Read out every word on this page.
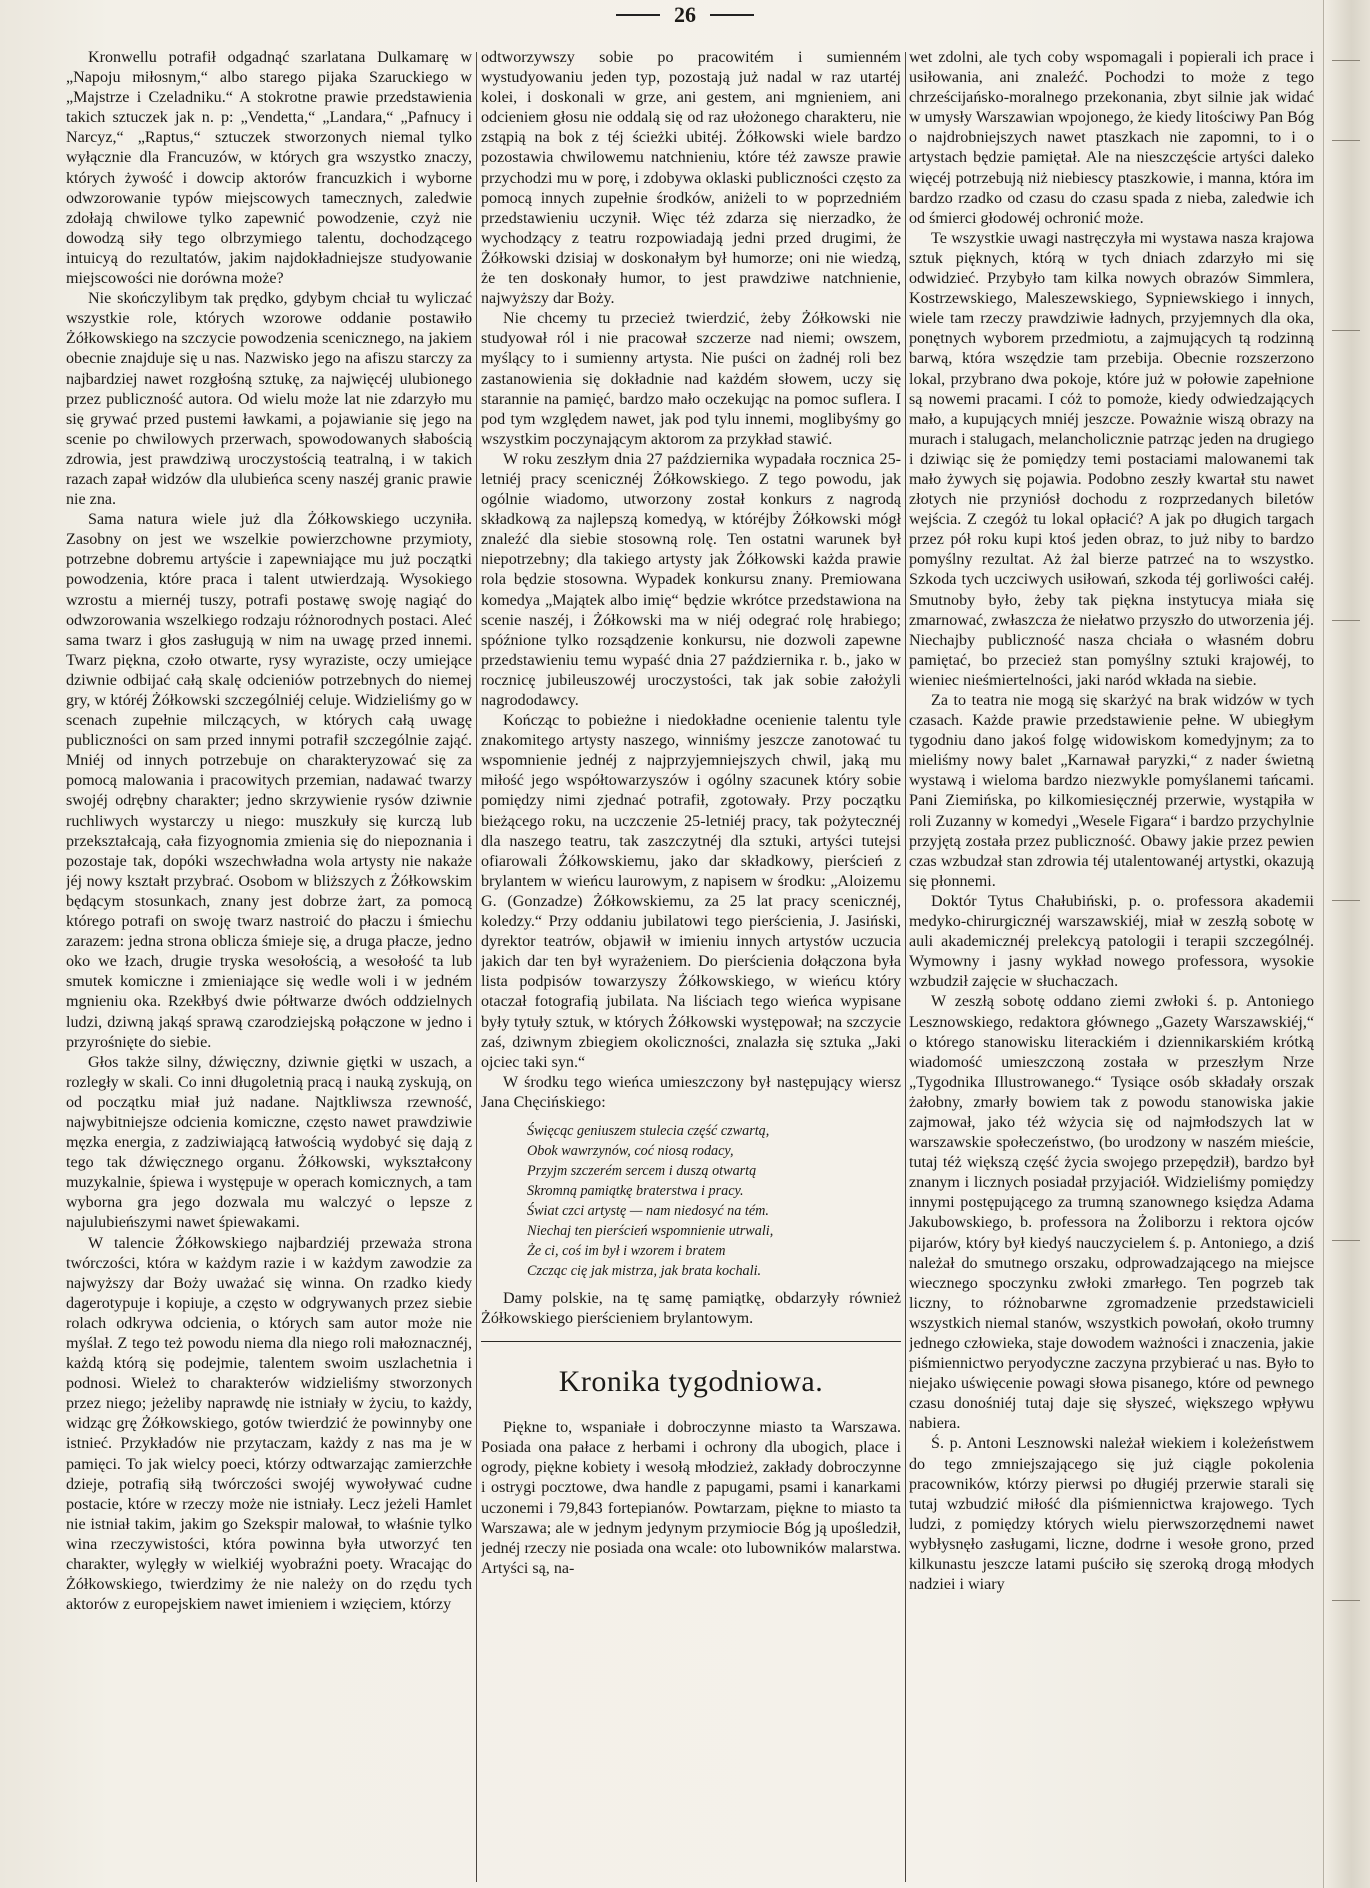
26

Kronwellu potrafił odgadnąć szarlatana Dulkamarę w „Napoju miłosnym,“ albo starego pijaka Szaruckiego w „Majstrze i Czeladniku.“ A stokrotne prawie przedstawienia takich sztuczek jak n. p: „Vendetta,“ „Landara,“ „Pafnucy i Narcyz,“ „Raptus,“ sztuczek stworzonych niemal tylko wyłącznie dla Francuzów, w których gra wszystko znaczy, których żywość i dowcip aktorów francuzkich i wyborne odwzorowanie typów miejscowych tamecznych, zaledwie zdołają chwilowe tylko zapewnić powodzenie, czyż nie dowodzą siły tego olbrzymiego talentu, dochodzącego intuicyą do rezultatów, jakim najdokładniejsze studyowanie miejscowości nie dorówna może?

Nie skończylibym tak prędko, gdybym chciał tu wyliczać wszystkie role, których wzorowe oddanie postawiło Żółkowskiego na szczycie powodzenia scenicznego, na jakiem obecnie znajduje się u nas. Nazwisko jego na afiszu starczy za najbardziej nawet rozgłośną sztukę, za najwięcéj ulubionego przez publiczność autora. Od wielu może lat nie zdarzyło mu się grywać przed pustemi ławkami, a pojawianie się jego na scenie po chwilowych przerwach, spowodowanych słabością zdrowia, jest prawdziwą uroczystością teatralną, i w takich razach zapał widzów dla ulubieńca sceny naszéj granic prawie nie zna.

Sama natura wiele już dla Żółkowskiego uczyniła. Zasobny on jest we wszelkie powierzchowne przymioty, potrzebne dobremu artyście i zapewniające mu już początki powodzenia, które praca i talent utwierdzają. Wysokiego wzrostu a miernéj tuszy, potrafi postawę swoję nagiąć do odwzorowania wszelkiego rodzaju różnorodnych postaci. Aleć sama twarz i głos zasługują w nim na uwagę przed innemi. Twarz piękna, czoło otwarte, rysy wyraziste, oczy umiejące dziwnie odbijać całą skalę odcieniów potrzebnych do niemej gry, w któréj Żółkowski szczególniéj celuje. Widzieliśmy go w scenach zupełnie milczących, w których całą uwagę publiczności on sam przed innymi potrafił szczególnie zająć. Mniéj od innych potrzebuje on charakteryzować się za pomocą malowania i pracowitych przemian, nadawać twarzy swojéj odrębny charakter; jedno skrzywienie rysów dziwnie ruchliwych wystarczy u niego: muszkuły się kurczą lub przekształcają, cała fizyognomia zmienia się do niepoznania i pozostaje tak, dopóki wszechwładna wola artysty nie nakaże jéj nowy kształt przybrać. Osobom w bliższych z Żółkowskim będącym stosunkach, znany jest dobrze żart, za pomocą którego potrafi on swoję twarz nastroić do płaczu i śmiechu zarazem: jedna strona oblicza śmieje się, a druga płacze, jedno oko we łzach, drugie tryska wesołością, a wesołość ta lub smutek komiczne i zmieniające się wedle woli i w jedném mgnieniu oka. Rzekłbyś dwie półtwarze dwóch oddzielnych ludzi, dziwną jakąś sprawą czarodziejską połączone w jedno i przyrośnięte do siebie.

Głos także silny, dźwięczny, dziwnie giętki w uszach, a rozległy w skali. Co inni długoletnią pracą i nauką zyskują, on od początku miał już nadane. Najtkliwsza rzewność, najwybitniejsze odcienia komiczne, często nawet prawdziwie męzka energia, z zadziwiającą łatwością wydobyć się dają z tego tak dźwięcznego organu. Żółkowski, wykształcony muzykalnie, śpiewa i występuje w operach komicznych, a tam wyborna gra jego dozwala mu walczyć o lepsze z najulubieńszymi nawet śpiewakami.

W talencie Żółkowskiego najbardziéj przeważa strona twórczości, która w każdym razie i w każdym zawodzie za najwyższy dar Boży uważać się winna. On rzadko kiedy dagerotypuje i kopiuje, a często w odgrywanych przez siebie rolach odkrywa odcienia, o których sam autor może nie myślał. Z tego też powodu niema dla niego roli małoznacznéj, każdą którą się podejmie, talentem swoim uszlachetnia i podnosi. Wieleż to charakterów widzieliśmy stworzonych przez niego; jeżeliby naprawdę nie istniały w życiu, to każdy, widząc grę Żółkowskiego, gotów twierdzić że powinnyby one istnieć. Przykładów nie przytaczam, każdy z nas ma je w pamięci. To jak wielcy poeci, którzy odtwarzając zamierzchłe dzieje, potrafią siłą twórczości swojéj wywoływać cudne postacie, które w rzeczy może nie istniały. Lecz jeżeli Hamlet nie istniał takim, jakim go Szekspir malował, to właśnie tylko wina rzeczywistości, która powinna była utworzyć ten charakter, wylęgły w wielkiéj wyobraźni poety. Wracając do Żółkowskiego, twierdzimy że nie należy on do rzędu tych aktorów z europejskiem nawet imieniem i wzięciem, którzy

odtworzywszy sobie po pracowitém i sumienném wystudyowaniu jeden typ, pozostają już nadal w raz utartéj kolei, i doskonali w grze, ani gestem, ani mgnieniem, ani odcieniem głosu nie oddalą się od raz ułożonego charakteru, nie zstąpią na bok z téj ścieżki ubitéj. Żółkowski wiele bardzo pozostawia chwilowemu natchnieniu, które téż zawsze prawie przychodzi mu w porę, i zdobywa oklaski publiczności często za pomocą innych zupełnie środków, aniżeli to w poprzedniém przedstawieniu uczynił. Więc téż zdarza się nierzadko, że wychodzący z teatru rozpowiadają jedni przed drugimi, że Żółkowski dzisiaj w doskonałym był humorze; oni nie wiedzą, że ten doskonały humor, to jest prawdziwe natchnienie, najwyższy dar Boży.

Nie chcemy tu przecież twierdzić, żeby Żółkowski nie studyował ról i nie pracował szczerze nad niemi; owszem, myślący to i sumienny artysta. Nie puści on żadnéj roli bez zastanowienia się dokładnie nad każdém słowem, uczy się starannie na pamięć, bardzo mało oczekując na pomoc suflera. I pod tym względem nawet, jak pod tylu innemi, moglibyśmy go wszystkim poczynającym aktorom za przykład stawić.

W roku zeszłym dnia 27 października wypadała rocznica 25-letniéj pracy scenicznéj Żółkowskiego. Z tego powodu, jak ogólnie wiadomo, utworzony został konkurs z nagrodą składkową za najlepszą komedyą, w któréjby Żółkowski mógł znaleźć dla siebie stosowną rolę. Ten ostatni warunek był niepotrzebny; dla takiego artysty jak Żółkowski każda prawie rola będzie stosowna. Wypadek konkursu znany. Premiowana komedya „Majątek albo imię“ będzie wkrótce przedstawiona na scenie naszéj, i Żółkowski ma w niéj odegrać rolę hrabiego; spóźnione tylko rozsądzenie konkursu, nie dozwoli zapewne przedstawieniu temu wypaść dnia 27 października r. b., jako w rocznicę jubileuszowéj uroczystości, tak jak sobie założyli nagrododawcy.

Kończąc to pobieżne i niedokładne ocenienie talentu tyle znakomitego artysty naszego, winniśmy jeszcze zanotować tu wspomnienie jednéj z najprzyjemniejszych chwil, jaką mu miłość jego współtowarzyszów i ogólny szacunek który sobie pomiędzy nimi zjednać potrafił, zgotowały. Przy początku bieżącego roku, na uczczenie 25-letniéj pracy, tak pożytecznéj dla naszego teatru, tak zaszczytnéj dla sztuki, artyści tutejsi ofiarowali Żółkowskiemu, jako dar składkowy, pierścień z brylantem w wieńcu laurowym, z napisem w środku: „Aloizemu G. (Gonzadze) Żółkowskiemu, za 25 lat pracy scenicznéj, koledzy.“ Przy oddaniu jubilatowi tego pierścienia, J. Jasiński, dyrektor teatrów, objawił w imieniu innych artystów uczucia jakich dar ten był wyrażeniem. Do pierścienia dołączona była lista podpisów towarzyszy Żółkowskiego, w wieńcu który otaczał fotografią jubilata. Na liściach tego wieńca wypisane były tytuły sztuk, w których Żółkowski występował; na szczycie zaś, dziwnym zbiegiem okoliczności, znalazła się sztuka „Jaki ojciec taki syn.“

W środku tego wieńca umieszczony był następujący wiersz Jana Chęcińskiego:

Święcąc geniuszem stulecia część czwartą,
Obok wawrzynów, coć niosą rodacy,
Przyjm szczerém sercem i duszą otwartą
Skromną pamiątkę braterstwa i pracy.
Świat czci artystę — nam niedosyć na tém.
Niechaj ten pierścień wspomnienie utrwali,
Że ci, coś im był i wzorem i bratem
Czcząc cię jak mistrza, jak brata kochali.

Damy polskie, na tę samę pamiątkę, obdarzyły również Żółkowskiego pierścieniem brylantowym.

Kronika tygodniowa.

Piękne to, wspaniałe i dobroczynne miasto ta Warszawa. Posiada ona pałace z herbami i ochrony dla ubogich, place i ogrody, piękne kobiety i wesołą młodzież, zakłady dobroczynne i ostrygi pocztowe, dwa handle z papugami, psami i kanarkami uczonemi i 79,843 fortepianów. Powtarzam, piękne to miasto ta Warszawa; ale w jednym jedynym przymiocie Bóg ją upośledził, jednéj rzeczy nie posiada ona wcale: oto lubowników malarstwa. Artyści są, na-

wet zdolni, ale tych coby wspomagali i popierali ich prace i usiłowania, ani znaleźć. Pochodzi to może z tego chrześcijańsko-moralnego przekonania, zbyt silnie jak widać w umysły Warszawian wpojonego, że kiedy litościwy Pan Bóg o najdrobniejszych nawet ptaszkach nie zapomni, to i o artystach będzie pamiętał. Ale na nieszczęście artyści daleko więcéj potrzebują niż niebiescy ptaszkowie, i manna, która im bardzo rzadko od czasu do czasu spada z nieba, zaledwie ich od śmierci głodowéj ochronić może.

Te wszystkie uwagi nastręczyła mi wystawa nasza krajowa sztuk pięknych, którą w tych dniach zdarzyło mi się odwidzieć. Przybyło tam kilka nowych obrazów Simmlera, Kostrzewskiego, Maleszewskiego, Sypniewskiego i innych, wiele tam rzeczy prawdziwie ładnych, przyjemnych dla oka, ponętnych wyborem przedmiotu, a zajmujących tą rodzinną barwą, która wszędzie tam przebija. Obecnie rozszerzono lokal, przybrano dwa pokoje, które już w połowie zapełnione są nowemi pracami. I cóż to pomoże, kiedy odwiedzających mało, a kupujących mniéj jeszcze. Poważnie wiszą obrazy na murach i stalugach, melancholicznie patrząc jeden na drugiego i dziwiąc się że pomiędzy temi postaciami malowanemi tak mało żywych się pojawia. Podobno zeszły kwartał stu nawet złotych nie przyniósł dochodu z rozprzedanych biletów wejścia. Z czegóż tu lokal opłacić? A jak po długich targach przez pół roku kupi ktoś jeden obraz, to już niby to bardzo pomyślny rezultat. Aż żal bierze patrzeć na to wszystko. Szkoda tych uczciwych usiłowań, szkoda téj gorliwości całéj. Smutnoby było, żeby tak piękna instytucya miała się zmarnować, zwłaszcza że niełatwo przyszło do utworzenia jéj. Niechajby publiczność nasza chciała o własném dobru pamiętać, bo przecież stan pomyślny sztuki krajowéj, to wieniec nieśmiertelności, jaki naród wkłada na siebie.

Za to teatra nie mogą się skarżyć na brak widzów w tych czasach. Każde prawie przedstawienie pełne. W ubiegłym tygodniu dano jakoś folgę widowiskom komedyjnym; za to mieliśmy nowy balet „Karnawał paryzki,“ z nader świetną wystawą i wieloma bardzo niezwykle pomyślanemi tańcami. Pani Ziemińska, po kilkomiesięcznéj przerwie, wystąpiła w roli Zuzanny w komedyi „Wesele Figara“ i bardzo przychylnie przyjętą została przez publiczność. Obawy jakie przez pewien czas wzbudzał stan zdrowia téj utalentowanéj artystki, okazują się płonnemi.

Doktór Tytus Chałubiński, p. o. professora akademii medyko-chirurgicznéj warszawskiéj, miał w zeszłą sobotę w auli akademicznéj prelekcyą patologii i terapii szczególnéj. Wymowny i jasny wykład nowego professora, wysokie wzbudził zajęcie w słuchaczach.

W zeszłą sobotę oddano ziemi zwłoki ś. p. Antoniego Lesznowskiego, redaktora głównego „Gazety Warszawskiéj,“ o którego stanowisku literackiém i dziennikarskiém krótką wiadomość umieszczoną została w przeszłym Nrze „Tygodnika Illustrowanego.“ Tysiące osób składały orszak żałobny, zmarły bowiem tak z powodu stanowiska jakie zajmował, jako téż wżycia się od najmłodszych lat w warszawskie społeczeństwo, (bo urodzony w naszém mieście, tutaj téż większą część życia swojego przepędził), bardzo był znanym i licznych posiadał przyjaciół. Widzieliśmy pomiędzy innymi postępującego za trumną szanownego księdza Adama Jakubowskiego, b. professora na Żoliborzu i rektora ojców pijarów, który był kiedyś nauczycielem ś. p. Antoniego, a dziś należał do smutnego orszaku, odprowadzającego na miejsce wiecznego spoczynku zwłoki zmarłego. Ten pogrzeb tak liczny, to różnobarwne zgromadzenie przedstawicieli wszystkich niemal stanów, wszystkich powołań, około trumny jednego człowieka, staje dowodem ważności i znaczenia, jakie piśmiennictwo peryodyczne zaczyna przybierać u nas. Było to niejako uświęcenie powagi słowa pisanego, które od pewnego czasu donośniéj tutaj daje się słyszeć, większego wpływu nabiera.

Ś. p. Antoni Lesznowski należał wiekiem i koleżeństwem do tego zmniejszającego się już ciągle pokolenia pracowników, którzy pierwsi po długiéj przerwie starali się tutaj wzbudzić miłość dla piśmiennictwa krajowego. Tych ludzi, z pomiędzy których wielu pierwszorzędnemi nawet wybłysnęło zasługami, liczne, dodrne i wesołe grono, przed kilkunastu jeszcze latami puściło się szeroką drogą młodych nadziei i wiary
